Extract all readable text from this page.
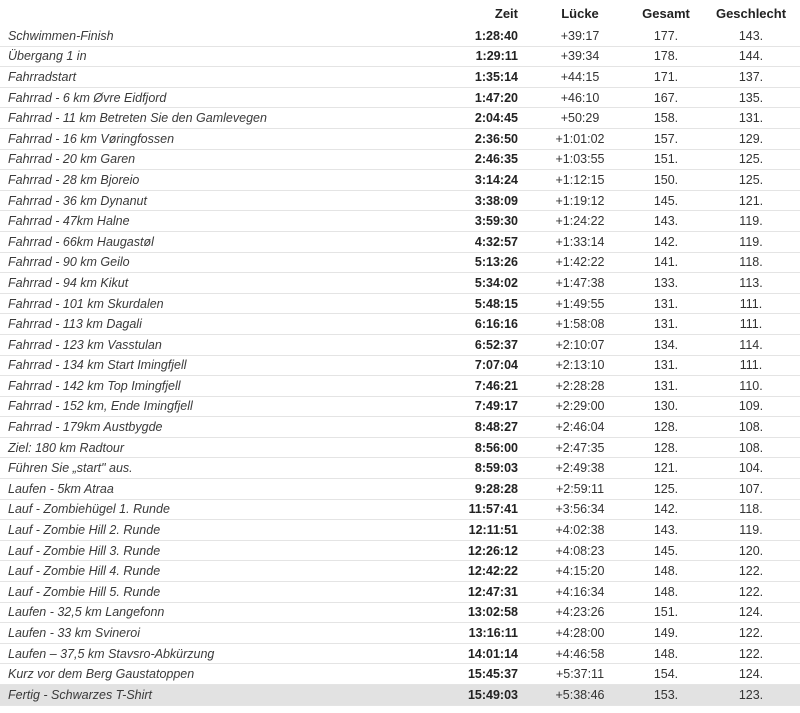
	Zeit	Lücke	Gesamt	Geschlecht
Schwimmen-Finish	1:28:40	+39:17	177.	143.
Übergang 1 in	1:29:11	+39:34	178.	144.
Fahrradstart	1:35:14	+44:15	171.	137.
Fahrrad - 6 km Øvre Eidfjord	1:47:20	+46:10	167.	135.
Fahrrad - 11 km Betreten Sie den Gamlevegen	2:04:45	+50:29	158.	131.
Fahrrad - 16 km Vøringfossen	2:36:50	+1:01:02	157.	129.
Fahrrad - 20 km Garen	2:46:35	+1:03:55	151.	125.
Fahrrad - 28 km Bjoreio	3:14:24	+1:12:15	150.	125.
Fahrrad - 36 km Dynanut	3:38:09	+1:19:12	145.	121.
Fahrrad - 47km Halne	3:59:30	+1:24:22	143.	119.
Fahrrad - 66km Haugastøl	4:32:57	+1:33:14	142.	119.
Fahrrad - 90 km Geilo	5:13:26	+1:42:22	141.	118.
Fahrrad - 94 km Kikut	5:34:02	+1:47:38	133.	113.
Fahrrad - 101 km Skurdalen	5:48:15	+1:49:55	131.	111.
Fahrrad - 113 km Dagali	6:16:16	+1:58:08	131.	111.
Fahrrad - 123 km Vasstulan	6:52:37	+2:10:07	134.	114.
Fahrrad - 134 km Start Imingfjell	7:07:04	+2:13:10	131.	111.
Fahrrad - 142 km Top Imingfjell	7:46:21	+2:28:28	131.	110.
Fahrrad - 152 km, Ende Imingfjell	7:49:17	+2:29:00	130.	109.
Fahrrad - 179km Austbygde	8:48:27	+2:46:04	128.	108.
Ziel: 180 km Radtour	8:56:00	+2:47:35	128.	108.
Führen Sie „start" aus.	8:59:03	+2:49:38	121.	104.
Laufen - 5km Atraa	9:28:28	+2:59:11	125.	107.
Lauf - Zombiehügel 1. Runde	11:57:41	+3:56:34	142.	118.
Lauf - Zombie Hill 2. Runde	12:11:51	+4:02:38	143.	119.
Lauf - Zombie Hill 3. Runde	12:26:12	+4:08:23	145.	120.
Lauf - Zombie Hill 4. Runde	12:42:22	+4:15:20	148.	122.
Lauf - Zombie Hill 5. Runde	12:47:31	+4:16:34	148.	122.
Laufen - 32,5 km Langefonn	13:02:58	+4:23:26	151.	124.
Laufen - 33 km Svineroi	13:16:11	+4:28:00	149.	122.
Laufen – 37,5 km Stavsro-Abkürzung	14:01:14	+4:46:58	148.	122.
Kurz vor dem Berg Gaustatoppen	15:45:37	+5:37:11	154.	124.
Fertig - Schwarzes T-Shirt	15:49:03	+5:38:46	153.	123.
